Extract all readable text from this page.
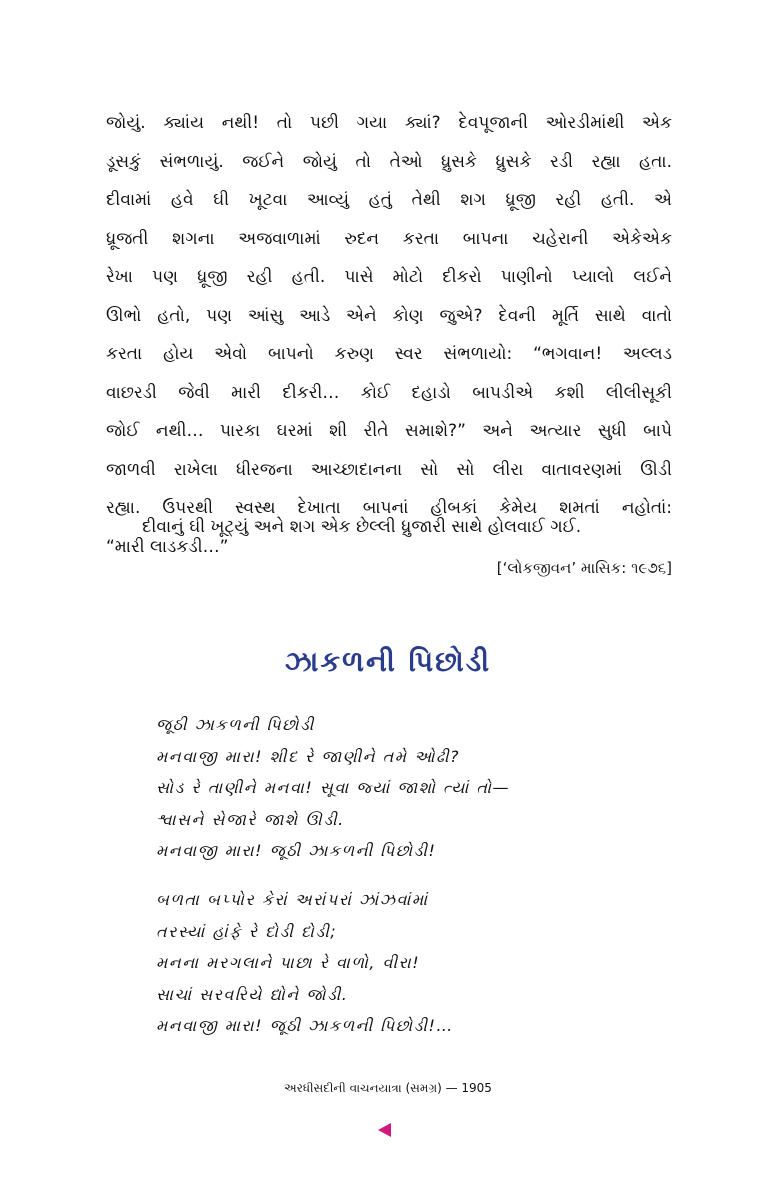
જોયું. ક્યાંય નથી! તો પછી ગયા ક્યાં? દેવપૂજાની ઓરડીમાંથી એક
ડૂસકું સંભળાયું. જઈને જોયું તો તેઓ ધ્રુસકે ધ્રુસકે રડી રહ્યા હતા.
દીવામાં હવે ઘી ખૂટવા આવ્યું હતું તેથી શગ ધ્રૂજી રહી હતી. એ
ધ્રૂજતી શગના અજવાળામાં રુદન કરતા બાપના ચહેરાની એકેએક
રેખા પણ ધ્રૂજી રહી હતી. પાસે મોટો દીકરો પાણીનો પ્યાલો લઈને
ઊભો હતો, પણ આંસુ આડે એને કોણ જુએ? દેવની મૂર્તિ સાથે વાતો
કરતા હોય એવો બાપનો કરુણ સ્વર સંભળાયો: “ભગવાન! અલ્લડ
વાછરડી જેવી મારી દીકરી… કોઈ દહાડો બાપડીએ કશી લીલીસૂકી
જોઈ નથી… પારકા ઘરમાં શી રીતે સમાશે?” અને અત્યાર સુધી બાપે
જાળવી રાખેલા ધીરજના આચ્છાદાનના સો સો લીરા વાતાવરણમાં ઊડી
રહ્યા. ઉપરથી સ્વસ્થ દેખાતા બાપનાં હીબકાં કેમેય શમતાં નહોતાં:
“મારી લાડકડી…”
દીવાનું ઘી ખૂટ્યું અને શગ એક છેલ્લી ધ્રુજારી સાથે હોલવાઈ ગઈ.
[‘લોકજીવન’ માસિક: ૧૯૭૬]
ઝાકળની પિછોડી
જૂઠી ઝાકળની પિછોડી
મનવાજી મારા! શીદ રે જાણીને તમે ઓઢી?
સોડ રે તાણીને મનવા! સૂવા જ્યાં જાશો ત્યાં તો—
શ્વાસને સેજારે જાશે ઊડી.
મનવાજી મારા! જૂઠી ઝાકળની પિછોડી!
બળતા બપ્પોર કેરાં અરાંપરાં ઝાંઝવાંમાં
તરસ્યાં હાંફે રે દોડી દોડી;
મનના મરગલાને પાછા રે વાળો, વીરા!
સાચાં સરવરિયે દ્યોને જોડી.
મનવાજી મારા! જૂઠી ઝાકળની પિછોડી!…
અરધીસદીની વાચનયાત્રા (સમગ્ર) — 1905
